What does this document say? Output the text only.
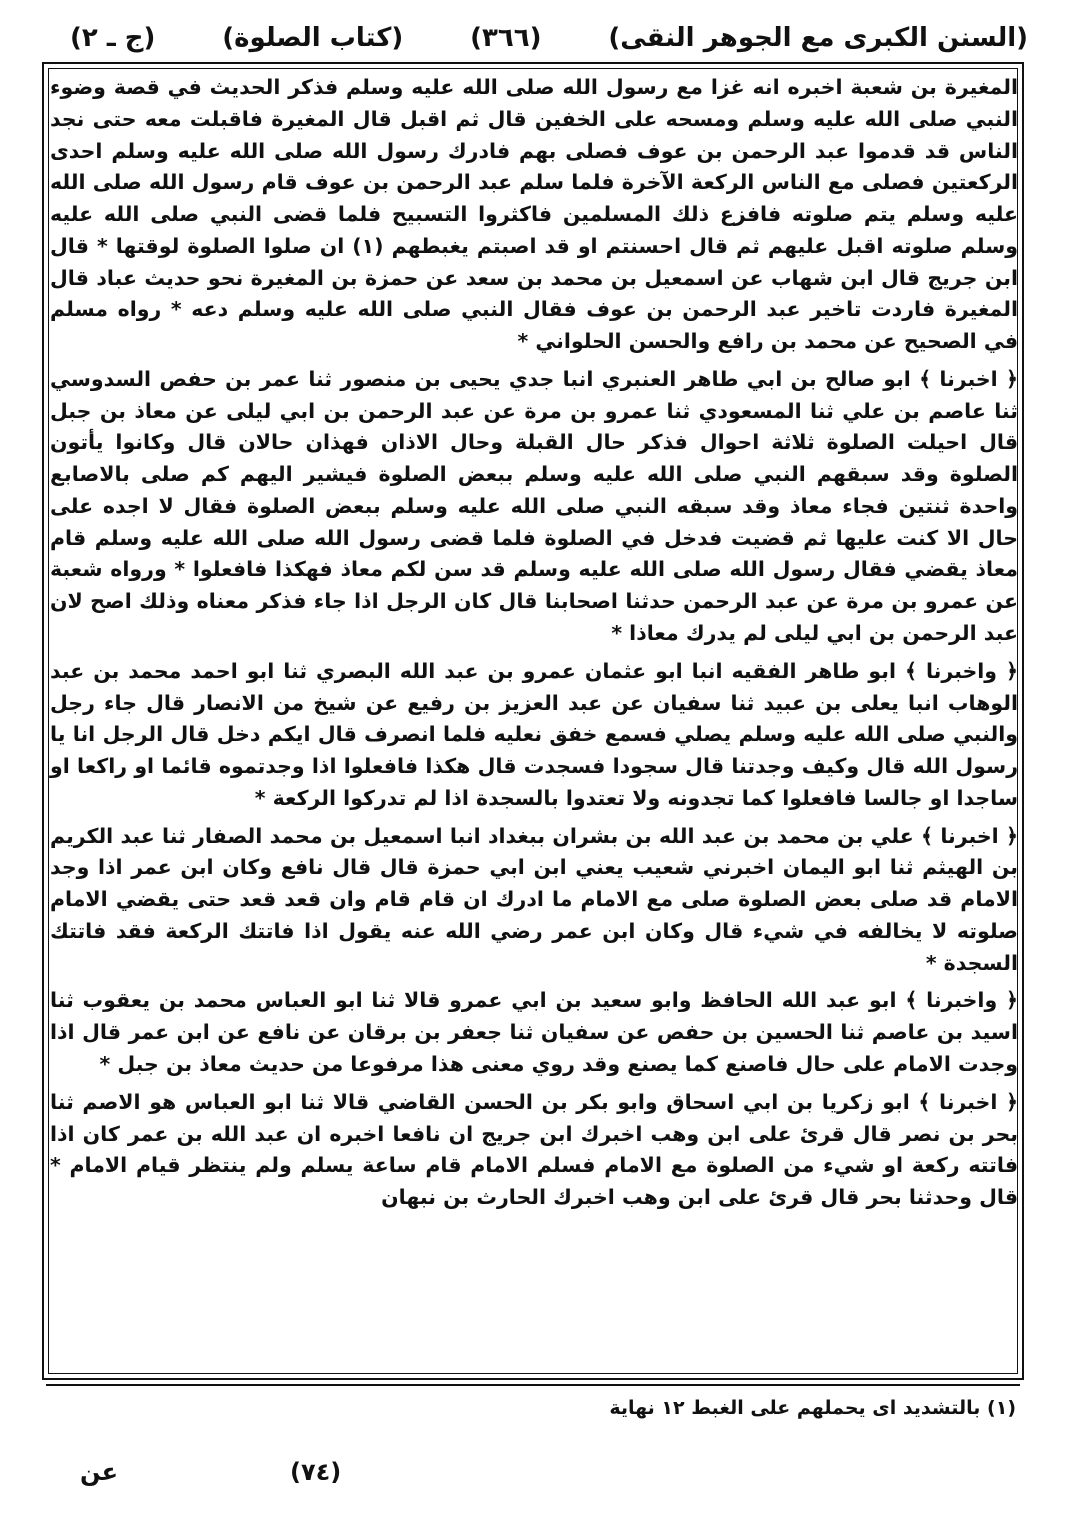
(السنن الكبرى مع الجوهر النقى)
(٣٦٦)
(كتاب الصلوة)
(ج ـ ٢)

المغيرة بن شعبة اخبره انه غزا مع رسول الله صلى الله عليه وسلم فذكر الحديث في قصة وضوء النبي صلى الله عليه وسلم ومسحه على الخفين قال ثم اقبل قال المغيرة فاقبلت معه حتى نجد الناس قد قدموا عبد الرحمن بن عوف فصلى بهم فادرك رسول الله صلى الله عليه وسلم احدى الركعتين فصلى مع الناس الركعة الآخرة فلما سلم عبد الرحمن بن عوف قام رسول الله صلى الله عليه وسلم يتم صلوته فافزع ذلك المسلمين فاكثروا التسبيح فلما قضى النبي صلى الله عليه وسلم صلوته اقبل عليهم ثم قال احسنتم او قد اصبتم يغبطهم (١) ان صلوا الصلوة لوقتها * قال ابن جريج قال ابن شهاب عن اسمعيل بن محمد بن سعد عن حمزة بن المغيرة نحو حديث عباد قال المغيرة فاردت تاخير عبد الرحمن بن عوف فقال النبي صلى الله عليه وسلم دعه * رواه مسلم في الصحيح عن محمد بن رافع والحسن الحلواني *

﴿ اخبرنا ﴾ ابو صالح بن ابي طاهر العنبري انبا جدي يحيى بن منصور ثنا عمر بن حفص السدوسي ثنا عاصم بن علي ثنا المسعودي ثنا عمرو بن مرة عن عبد الرحمن بن ابي ليلى عن معاذ بن جبل قال احيلت الصلوة ثلاثة احوال فذكر حال القبلة وحال الاذان فهذان حالان قال وكانوا يأتون الصلوة وقد سبقهم النبي صلى الله عليه وسلم ببعض الصلوة فيشير اليهم كم صلى بالاصابع واحدة ثنتين فجاء معاذ وقد سبقه النبي صلى الله عليه وسلم ببعض الصلوة فقال لا اجده على حال الا كنت عليها ثم قضيت فدخل في الصلوة فلما قضى رسول الله صلى الله عليه وسلم قام معاذ يقضي فقال رسول الله صلى الله عليه وسلم قد سن لكم معاذ فهكذا فافعلوا * ورواه شعبة عن عمرو بن مرة عن عبد الرحمن حدثنا اصحابنا قال كان الرجل اذا جاء فذكر معناه وذلك اصح لان عبد الرحمن بن ابي ليلى لم يدرك معاذا *

﴿ واخبرنا ﴾ ابو طاهر الفقيه انبا ابو عثمان عمرو بن عبد الله البصري ثنا ابو احمد محمد بن عبد الوهاب انبا يعلى بن عبيد ثنا سفيان عن عبد العزيز بن رفيع عن شيخ من الانصار قال جاء رجل والنبي صلى الله عليه وسلم يصلي فسمع خفق نعليه فلما انصرف قال ايكم دخل قال الرجل انا يا رسول الله قال وكيف وجدتنا قال سجودا فسجدت قال هكذا فافعلوا اذا وجدتموه قائما او راكعا او ساجدا او جالسا فافعلوا كما تجدونه ولا تعتدوا بالسجدة اذا لم تدركوا الركعة *

﴿ اخبرنا ﴾ علي بن محمد بن عبد الله بن بشران ببغداد انبا اسمعيل بن محمد الصفار ثنا عبد الكريم بن الهيثم ثنا ابو اليمان اخبرني شعيب يعني ابن ابي حمزة قال قال نافع وكان ابن عمر اذا وجد الامام قد صلى بعض الصلوة صلى مع الامام ما ادرك ان قام قام وان قعد قعد حتى يقضي الامام صلوته لا يخالفه في شيء قال وكان ابن عمر رضي الله عنه يقول اذا فاتتك الركعة فقد فاتتك السجدة *

﴿ واخبرنا ﴾ ابو عبد الله الحافظ وابو سعيد بن ابي عمرو قالا ثنا ابو العباس محمد بن يعقوب ثنا اسيد بن عاصم ثنا الحسين بن حفص عن سفيان ثنا جعفر بن برقان عن نافع عن ابن عمر قال اذا وجدت الامام على حال فاصنع كما يصنع وقد روي معنى هذا مرفوعا من حديث معاذ بن جبل *

﴿ اخبرنا ﴾ ابو زكريا بن ابي اسحاق وابو بكر بن الحسن القاضي قالا ثنا ابو العباس هو الاصم ثنا بحر بن نصر قال قرئ على ابن وهب اخبرك ابن جريج ان نافعا اخبره ان عبد الله بن عمر كان اذا فاتته ركعة او شيء من الصلوة مع الامام فسلم الامام قام ساعة يسلم ولم ينتظر قيام الامام * قال وحدثنا بحر قال قرئ على ابن وهب اخبرك الحارث بن نبهان

(١) بالتشديد اى يحملهم على الغبط ١٢ نهاية
(٧٤)
عن
